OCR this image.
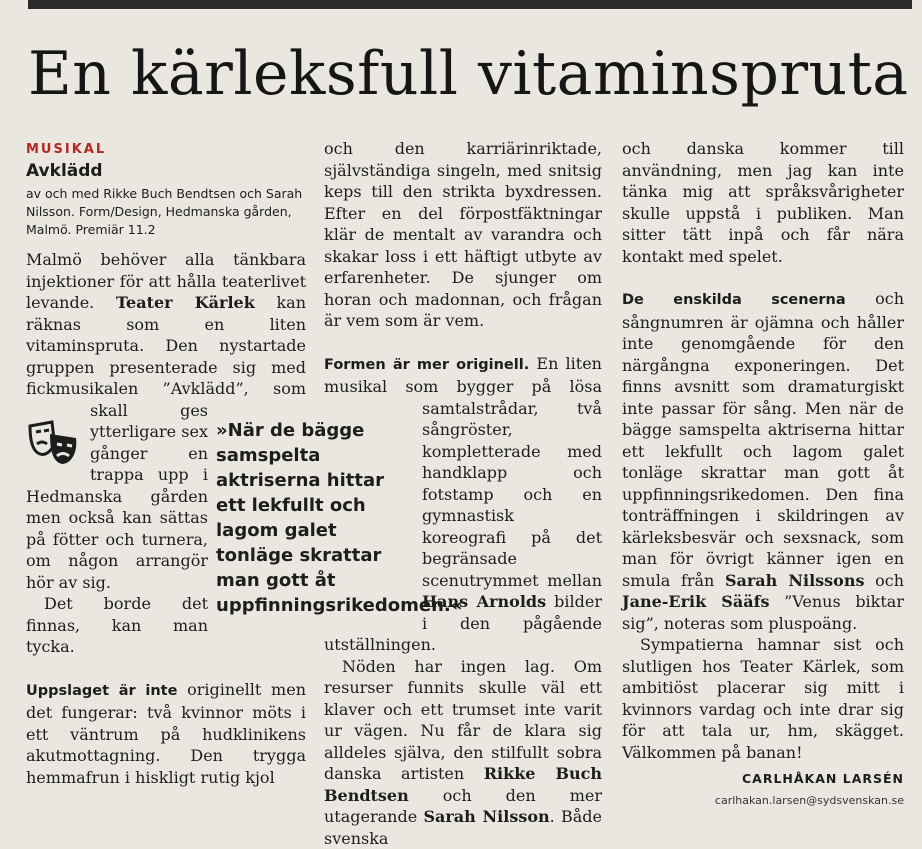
En kärleksfull vitaminspruta
MUSIKAL
Avklädd
av och med Rikke Buch Bendtsen och Sarah Nilsson. Form/Design, Hedmanska gården, Malmö. Premiär 11.2

Malmö behöver alla tänkbara injektioner för att hålla teaterlivet levande. Teater Kärlek kan räknas som en liten vitaminspruta. Den nystartade gruppen presenterade sig med fickmusikalen ”Avklädd”, som skall ges ytterligare sex gånger en trappa upp i Hedmanska gården men också kan sättas på fötter och turnera, om någon arrangör hör av sig.

Det borde det finnas, kan man tycka.

Uppslaget är inte originellt men det fungerar: två kvinnor möts i ett väntrum på hudklinikens akutmottagning. Den trygga hemmafrun i hiskligt rutig kjol

och den karriärinriktade, självständiga singeln, med snitsig keps till den strikta byxdressen. Efter en del förpostfäktningar klär de mentalt av varandra och skakar loss i ett häftigt utbyte av erfarenheter. De sjunger om horan och madonnan, och frågan är vem som är vem.

Formen är mer originell. En liten musikal som bygger på lösa samtalstrådar, två sångröster, kompletterade med handklapp och fotstamp och en gymnastisk koreografi på det begränsade scenutrymmet mellan Hans Arnolds bilder i den pågående utställningen.

Nöden har ingen lag. Om resurser funnits skulle väl ett klaver och ett trumset inte varit ur vägen. Nu får de klara sig alldeles själva, den stilfullt sobra danska artisten Rikke Buch Bendtsen och den mer utagerande Sarah Nilsson. Både svenska

»När de bägge samspelta aktriserna hittar ett lekfullt och lagom galet tonläge skrattar man gott åt uppfinningsrikedomen.«

och danska kommer till användning, men jag kan inte tänka mig att språksvårigheter skulle uppstå i publiken. Man sitter tätt inpå och får nära kontakt med spelet.

De enskilda scenerna och sångnumren är ojämna och håller inte genomgående för den närgångna exponeringen. Det finns avsnitt som dramaturgiskt inte passar för sång. Men när de bägge samspelta aktriserna hittar ett lekfullt och lagom galet tonläge skrattar man gott åt uppfinningsrikedomen. Den fina tonträffningen i skildringen av kärleksbesvär och sexsnack, som man för övrigt känner igen en smula från Sarah Nilssons och Jane-Erik Sääfs ”Venus biktar sig”, noteras som pluspoäng.

Sympatierna hamnar sist och slutligen hos Teater Kärlek, som ambitiöst placerar sig mitt i kvinnors vardag och inte drar sig för att tala ur, hm, skägget. Välkommen på banan!

CARLHÅKAN LARSÉN
carlhakan.larsen@sydsvenskan.se
